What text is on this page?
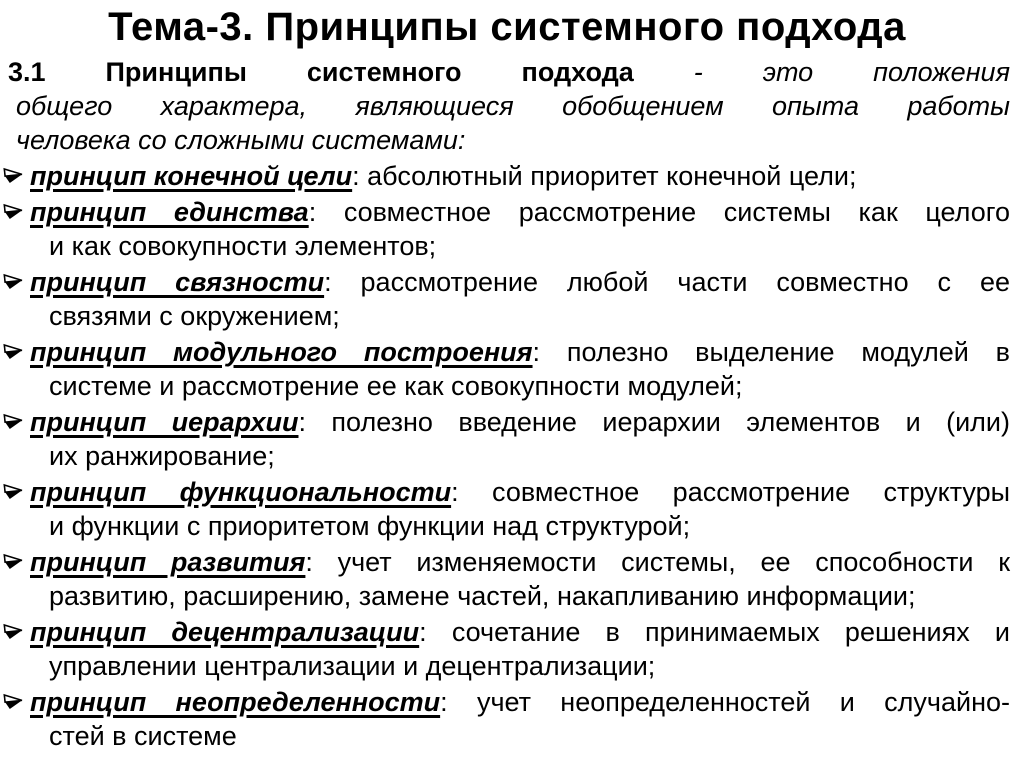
Тема-3. Принципы системного подхода
3.1 Принципы системного подхода - это положения
общего характера, являющиеся обобщением опыта работы
человека со сложными системами:
принцип конечной цели: абсолютный приоритет конечной цели;
принцип единства: совместное рассмотрение системы как целого
и как совокупности элементов;
принцип связности: рассмотрение любой части совместно с ее
связями с окружением;
принцип модульного построения: полезно выделение модулей в
системе и рассмотрение ее как совокупности модулей;
принцип иерархии: полезно введение иерархии элементов и (или)
их ранжирование;
принцип функциональности: совместное рассмотрение структуры
и функции с приоритетом функции над структурой;
принцип развития: учет изменяемости системы, ее способности к
развитию, расширению, замене частей, накапливанию информации;
принцип децентрализации: сочетание в принимаемых решениях и
управлении централизации и децентрализации;
принцип неопределенности: учет неопределенностей и случайно-
стей в системе
